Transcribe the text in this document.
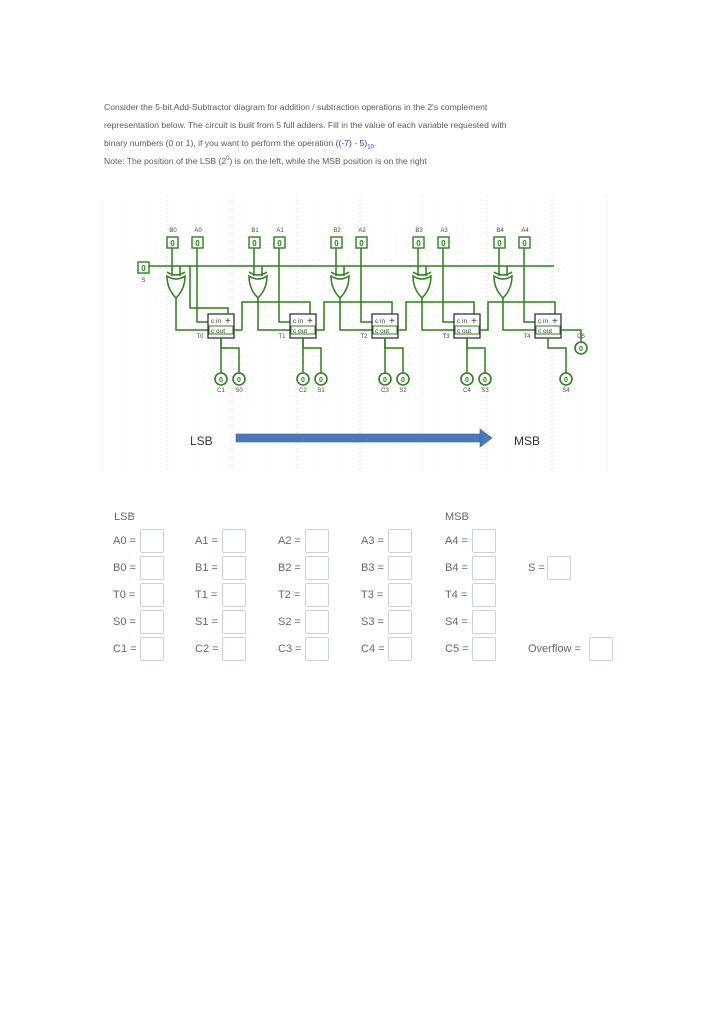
Consider the 5-bit Add-Subtractor diagram for addition / subtraction operations in the 2's complement

representation below. The circuit is built from 5 full adders. Fill in the value of each variable requested with

binary numbers (0 or 1), if you want to perform the operation $((-7) - 5)_{10}$.

Note: The position of the LSB $(2^0)$ is on the left, while the MSB position is on the right
0
S
B0	A0
0	0
c in +
c out
T0
0
C1
0
S0
B1	A1
0	0
c in +
c out
T1
0
C2
0
S1
B2	A2
0	0
c in +
c out
T2
0
C3
0
S2
B3	A3
0	0
c in +
c out
T3
0
C4
0
S3
B4	A4
0	0
c in +
c out
T4
0
C5
0
S4
LSB	MSB
LSB	MSB
A0 =	A1 =	A2 =	A3 =	A4 =
B0 =	B1 =	B2 =	B3 =	B4 =
T0 =	T1 =	T2 =	T3 =	T4 =
S0 =	S1 =	S2 =	S3 =	S4 =
C1 =	C2 =	C3 =	C4 =	C5 =
S =
Overflow =
